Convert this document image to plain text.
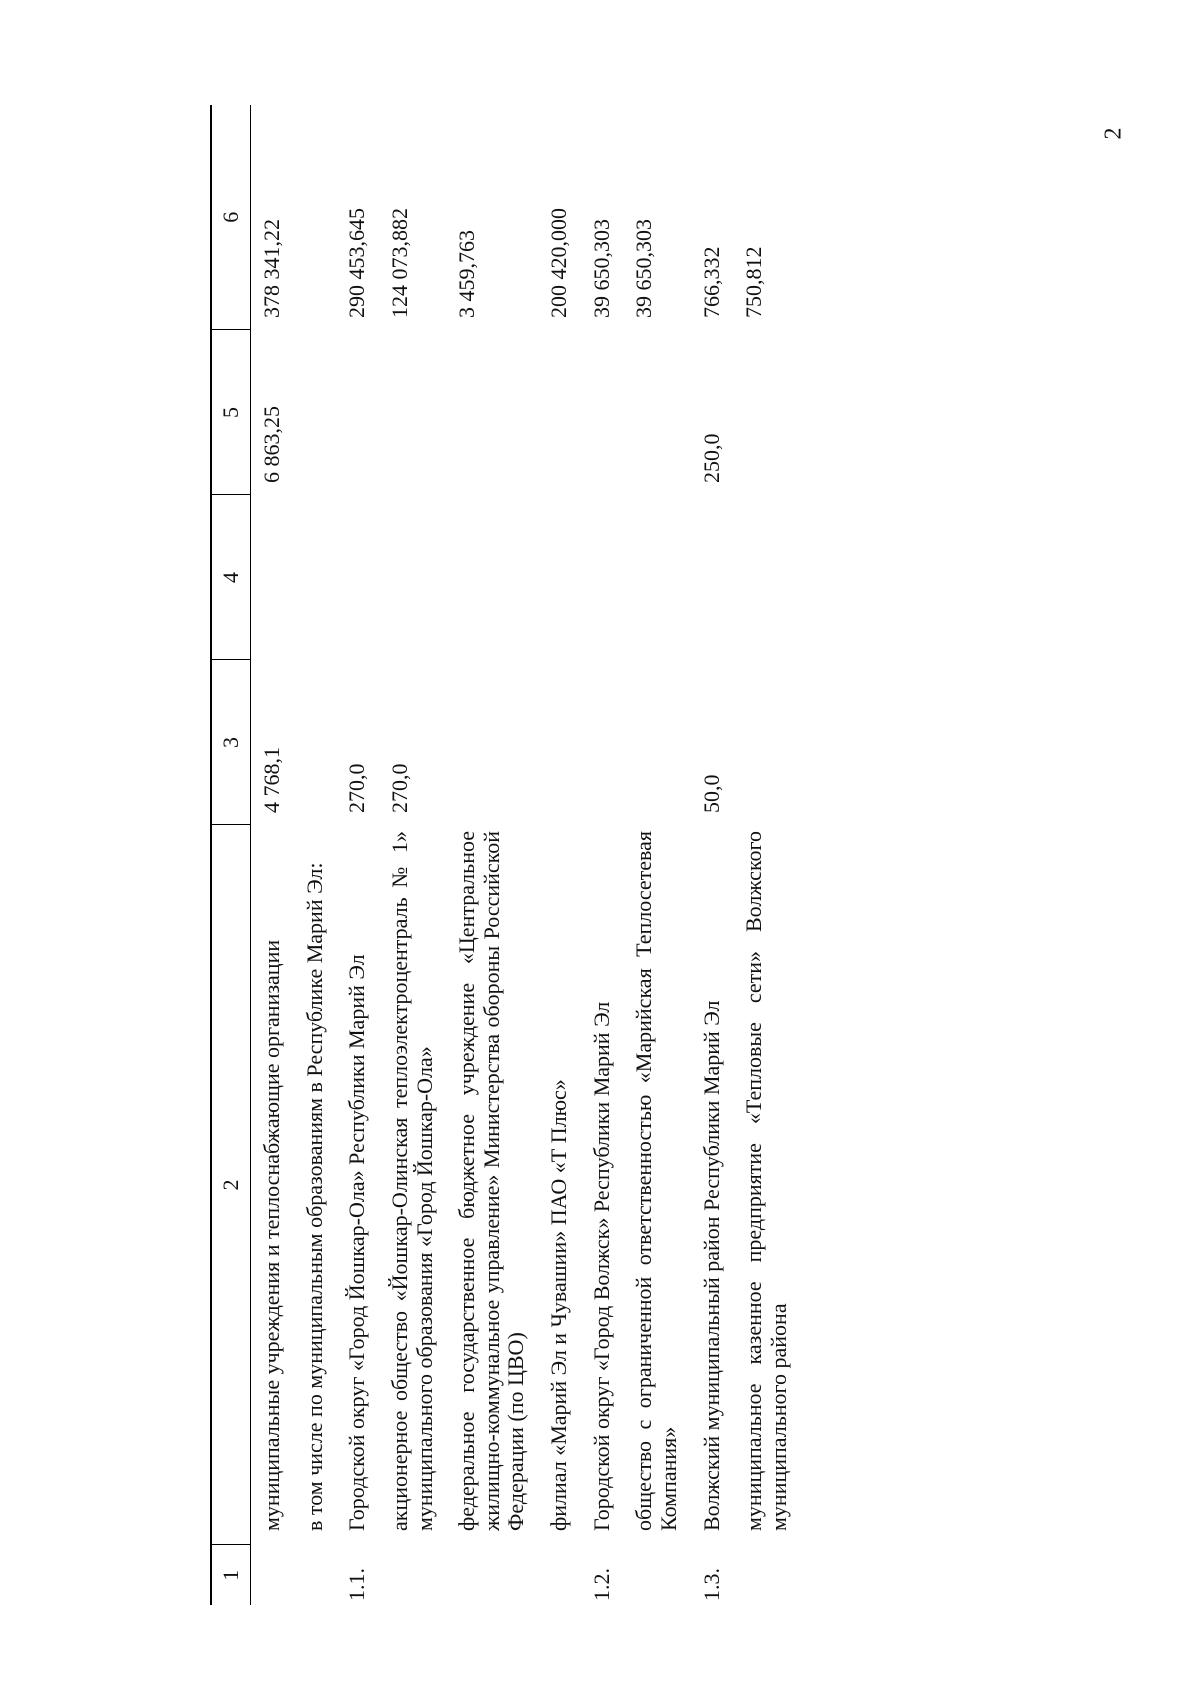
2
1	2	3	4	5	6
	муниципальные учреждения и теплоснабжающие организации	4 768,1		6 863,25	378 341,22
	в том числе по муниципальным образованиям в Республике Марий Эл:				
1.1.	Городской округ «Город Йошкар-Ола» Республики Марий Эл	270,0			290 453,645
	акционерное общество «Йошкар-Олинская теплоэлектроцентраль № 1» муниципального образования «Город Йошкар-Ола»	270,0			124 073,882
	федеральное государственное бюджетное учреждение «Центральное жилищно-коммунальное управление» Министерства обороны Российской Федерации (по ЦВО)				3 459,763
	филиал «Марий Эл и Чувашии» ПАО «Т Плюс»				200 420,000
1.2.	Городской округ «Город Волжск» Республики Марий Эл				39 650,303
	общество с ограниченной ответственностью «Марийская Теплосетевая Компания»				39 650,303
1.3.	Волжский муниципальный район Республики Марий Эл	50,0		250,0	766,332
	муниципальное казенное предприятие «Тепловые сети» Волжского муниципального района				750,812
